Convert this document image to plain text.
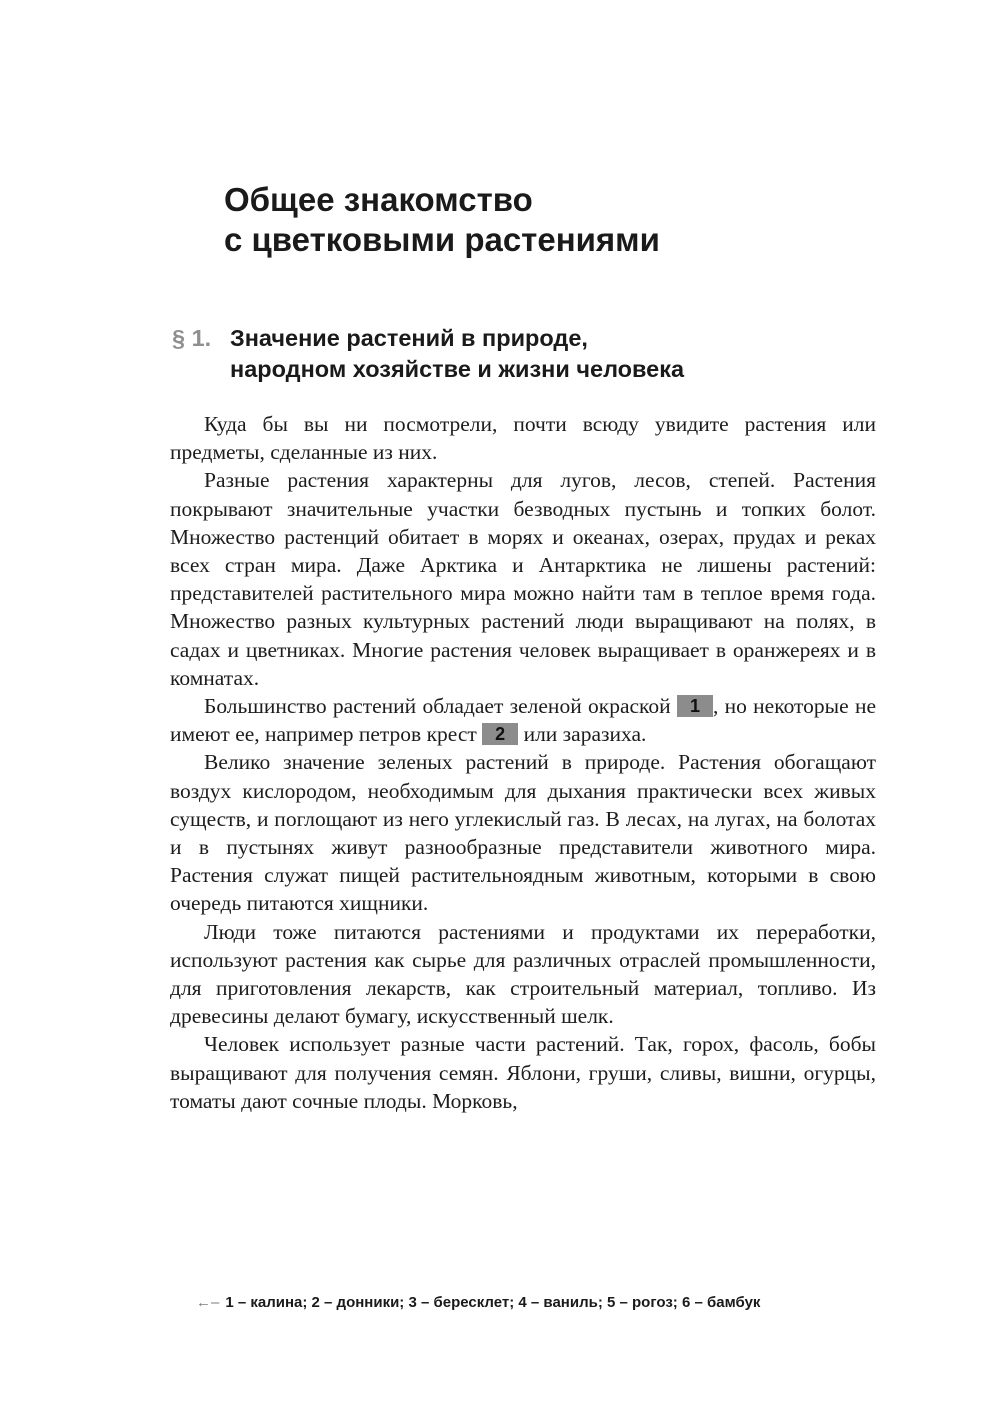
Общее знакомство
с цветковыми растениями
§ 1. Значение растений в природе,
народном хозяйстве и жизни человека

Куда бы вы ни посмотрели, почти всюду увидите растения или предметы, сделанные из них.

Разные растения характерны для лугов, лесов, степей. Растения покрывают значительные участки безводных пустынь и топких болот. Множество растенций обитает в морях и океанах, озерах, прудах и реках всех стран мира. Даже Арктика и Антарктика не лишены растений: представителей растительного мира можно найти там в теплое время года. Множество разных культурных растений люди выращивают на полях, в садах и цветниках. Многие растения человек выращивает в оранжереях и в комнатах.

Большинство растений обладает зеленой окраской 1 , но некоторые не имеют ее, например петров крест 2 или заразиха.

Велико значение зеленых растений в природе. Растения обогащают воздух кислородом, необходимым для дыхания практически всех живых существ, и поглощают из него углекислый газ. В лесах, на лугах, на болотах и в пустынях живут разнообразные представители животного мира. Растения служат пищей растительноядным животным, которыми в свою очередь питаются хищники.

Люди тоже питаются растениями и продуктами их переработки, используют растения как сырье для различных отраслей промышленности, для приготовления лекарств, как строительный материал, топливо. Из древесины делают бумагу, искусственный шелк.

Человек использует разные части растений. Так, горох, фасоль, бобы выращивают для получения семян. Яблони, груши, сливы, вишни, огурцы, томаты дают сочные плоды. Морковь,

←– 1 – калина; 2 – донники; 3 – бересклет; 4 – ваниль; 5 – рогоз; 6 – бамбук
